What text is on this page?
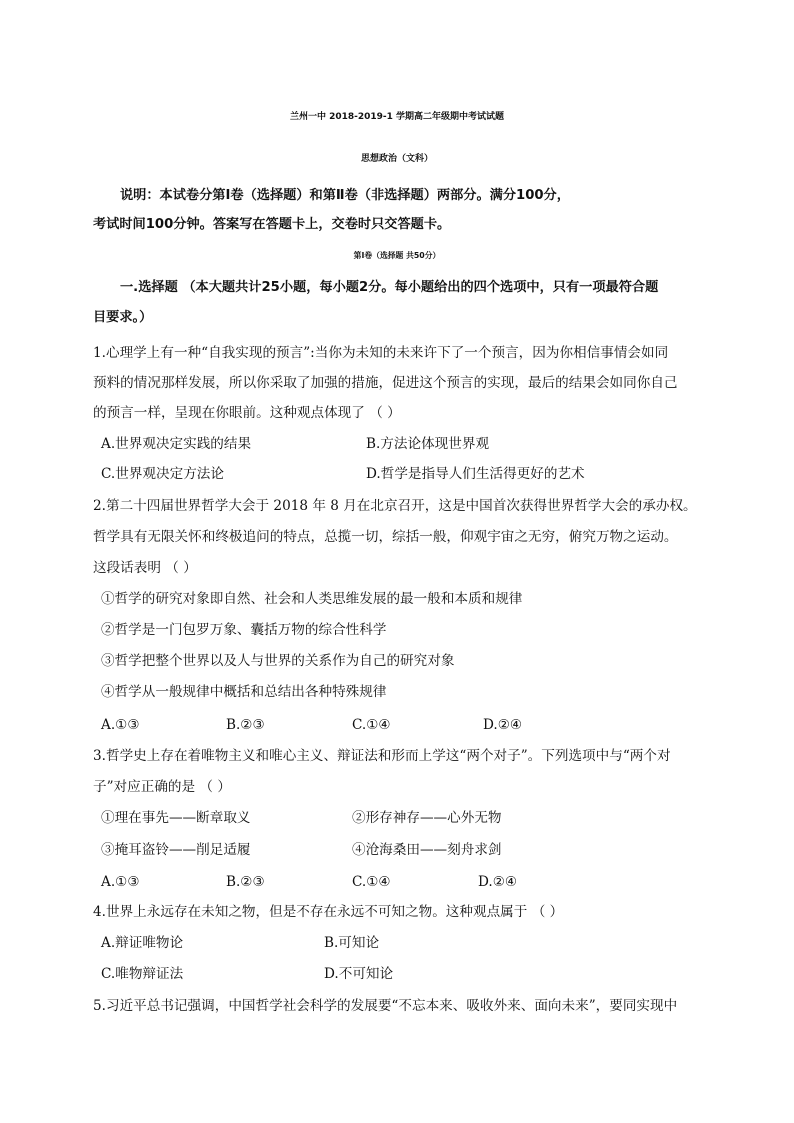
兰州一中 2018-2019-1 学期高二年级期中考试试题
思想政治（文科）
说明：本试卷分第Ⅰ卷（选择题）和第Ⅱ卷（非选择题）两部分。满分100分，
考试时间100分钟。答案写在答题卡上，交卷时只交答题卡。
第Ⅰ卷（选择题 共50分）
一.选择题 （本大题共计25小题，每小题2分。每小题给出的四个选项中，只有一项最符合题
目要求。）
1.心理学上有一种“自我实现的预言”:当你为未知的未来许下了一个预言，因为你相信事情会如同
预料的情况那样发展，所以你采取了加强的措施，促进这个预言的实现，最后的结果会如同你自己
的预言一样，呈现在你眼前。这种观点体现了 （ ）
A.世界观决定实践的结果	B.方法论体现世界观
C.世界观决定方法论	D.哲学是指导人们生活得更好的艺术
2.第二十四届世界哲学大会于 2018 年 8 月在北京召开，这是中国首次获得世界哲学大会的承办权。
哲学具有无限关怀和终极追问的特点，总揽一切，综括一般，仰观宇宙之无穷，俯究万物之运动。
这段话表明 （ ）
①哲学的研究对象即自然、社会和人类思维发展的最一般和本质和规律
②哲学是一门包罗万象、囊括万物的综合性科学
③哲学把整个世界以及人与世界的关系作为自己的研究对象
④哲学从一般规律中概括和总结出各种特殊规律
A.①③	B.②③	C.①④	D.②④
3.哲学史上存在着唯物主义和唯心主义、辩证法和形而上学这“两个对子”。下列选项中与“两个对
子”对应正确的是 （ ）
①理在事先——断章取义	②形存神存——心外无物
③掩耳盗铃——削足适履	④沧海桑田——刻舟求剑
A.①③	B.②③	C.①④	D.②④
4.世界上永远存在未知之物，但是不存在永远不可知之物。这种观点属于 （ ）
A.辩证唯物论	B.可知论
C.唯物辩证法	D.不可知论
5.习近平总书记强调，中国哲学社会科学的发展要“不忘本来、吸收外来、面向未来”，要同实现中
